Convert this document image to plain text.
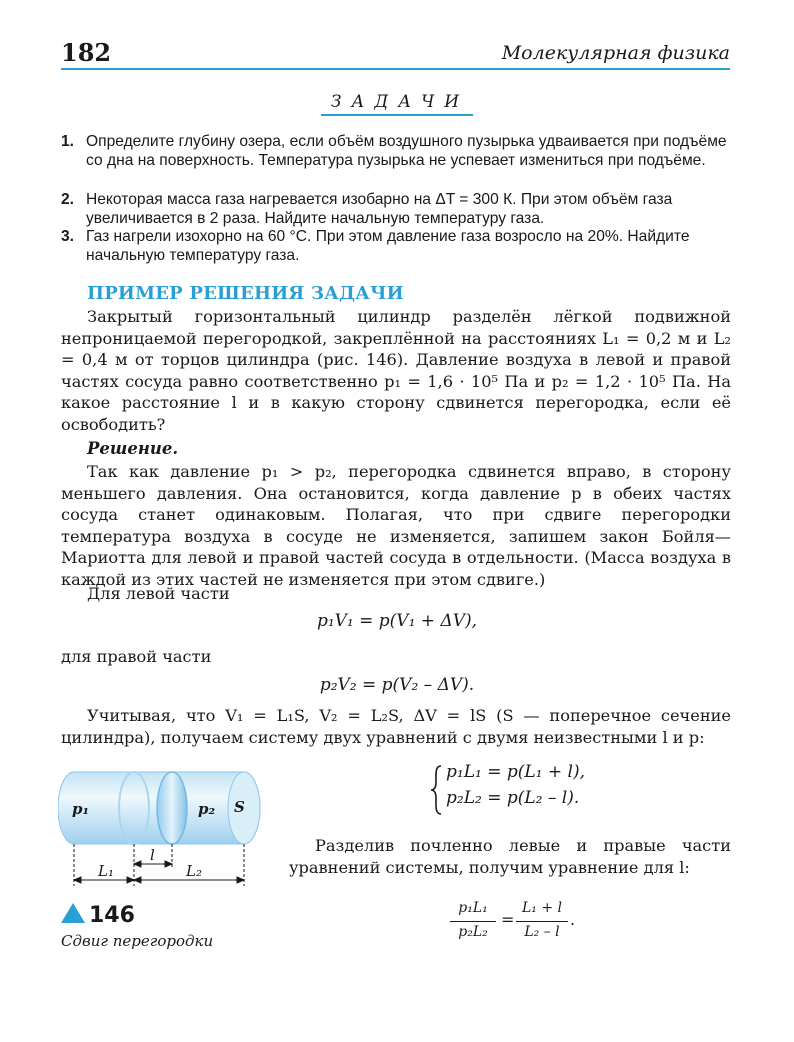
182	Молекулярная физика
ЗАДАЧИ
1. Определите глубину озера, если объём воздушного пузырька удваивается при подъёме со дна на поверхность. Температура пузырька не успевает измениться при подъёме.
2. Некоторая масса газа нагревается изобарно на ΔT = 300 К. При этом объём газа увеличивается в 2 раза. Найдите начальную температуру газа.
3. Газ нагрели изохорно на 60 °С. При этом давление газа возросло на 20%. Найдите начальную температуру газа.
ПРИМЕР РЕШЕНИЯ ЗАДАЧИ
Закрытый горизонтальный цилиндр разделён лёгкой подвижной непроницаемой перегородкой, закреплённой на расстояниях L₁ = 0,2 м и L₂ = 0,4 м от торцов цилиндра (рис. 146). Давление воздуха в левой и правой частях сосуда равно соответственно p₁ = 1,6 · 10⁵ Па и p₂ = 1,2 · 10⁵ Па. На какое расстояние l и в какую сторону сдвинется перегородка, если её освободить?
Решение.
Так как давление p₁ > p₂, перегородка сдвинется вправо, в сторону меньшего давления. Она остановится, когда давление p в обеих частях сосуда станет одинаковым. Полагая, что при сдвиге перегородки температура воздуха в сосуде не изменяется, запишем закон Бойля—Мариотта для левой и правой частей сосуда в отдельности. (Масса воздуха в каждой из этих частей не изменяется при этом сдвиге.)
Для левой части
p₁V₁ = p(V₁ + ΔV),
для правой части
p₂V₂ = p(V₂ – ΔV).
Учитывая, что V₁ = L₁S, V₂ = L₂S, ΔV = lS (S — поперечное сечение цилиндра), получаем систему двух уравнений с двумя неизвестными l и p:
p₁L₁ = p(L₁ + l),
p₂L₂ = p(L₂ – l).
Разделив почленно левые и правые части уравнений системы, получим уравнение для l:
p₁L₁
p₂L₂
=
L₁ + l
L₂ – l
.
p₁	p₂ S
L₁
l
L₂
146
Сдвиг перегородки
